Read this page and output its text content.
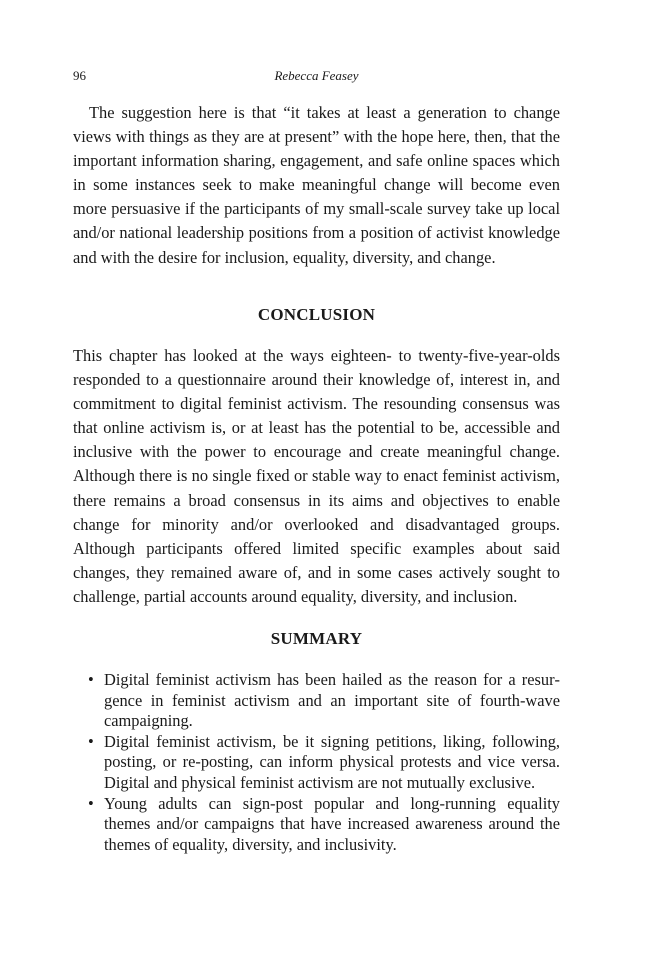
96	Rebecca Feasey

The suggestion here is that “it takes at least a generation to change views with things as they are at present” with the hope here, then, that the important information sharing, engagement, and safe online spaces which in some instances seek to make meaningful change will become even more persuasive if the participants of my small-scale survey take up local and/or national leadership positions from a position of activist knowledge and with the desire for inclusion, equality, diversity, and change.

CONCLUSION

This chapter has looked at the ways eighteen- to twenty-five-year-olds responded to a questionnaire around their knowledge of, interest in, and commitment to digital feminist activism. The resounding consensus was that online activism is, or at least has the potential to be, accessible and inclusive with the power to encourage and create meaningful change. Although there is no single fixed or stable way to enact feminist activism, there remains a broad consensus in its aims and objectives to enable change for minority and/or overlooked and disadvantaged groups. Although participants offered limited specific examples about said changes, they remained aware of, and in some cases actively sought to challenge, partial accounts around equality, diversity, and inclusion.

SUMMARY
• Digital feminist activism has been hailed as the reason for a resurgence in feminist activism and an important site of fourth-wave campaigning.
• Digital feminist activism, be it signing petitions, liking, following, posting, or re-posting, can inform physical protests and vice versa. Digital and physical feminist activism are not mutually exclusive.
• Young adults can sign-post popular and long-running equality themes and/or campaigns that have increased awareness around the themes of equality, diversity, and inclusivity.
